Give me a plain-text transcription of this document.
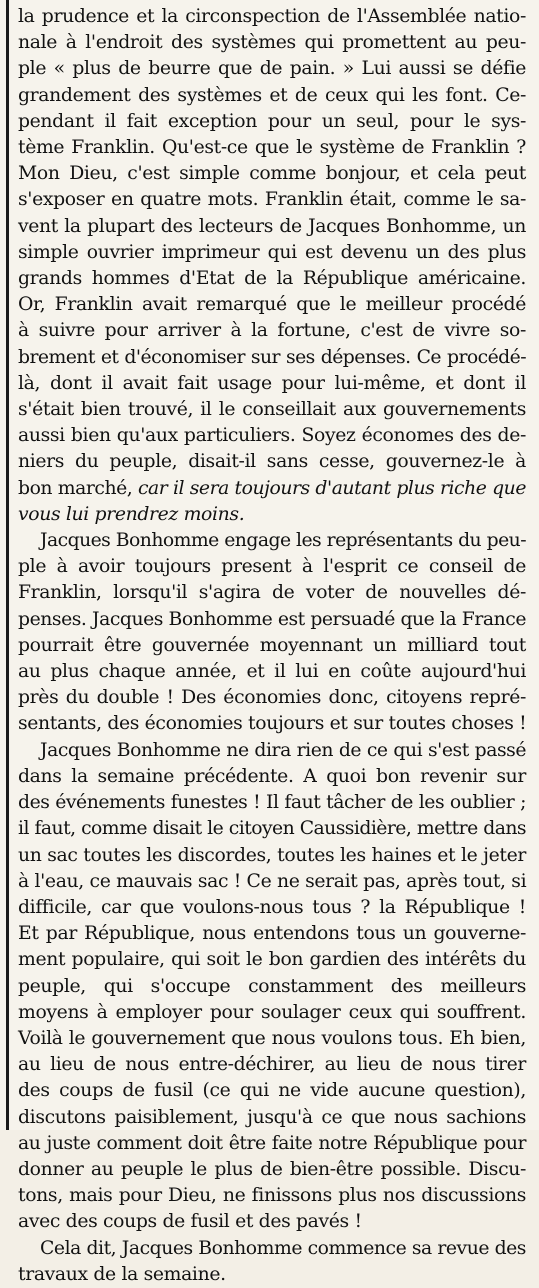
la prudence et la circonspection de l'Assemblée natio-
nale à l'endroit des systèmes qui promettent au peu-
ple « plus de beurre que de pain. » Lui aussi se défie
grandement des systèmes et de ceux qui les font. Ce-
pendant il fait exception pour un seul, pour le sys-
tème Franklin. Qu'est-ce que le système de Franklin ?
Mon Dieu, c'est simple comme bonjour, et cela peut
s'exposer en quatre mots. Franklin était, comme le sa-
vent la plupart des lecteurs de Jacques Bonhomme, un
simple ouvrier imprimeur qui est devenu un des plus
grands hommes d'Etat de la République américaine.
Or, Franklin avait remarqué que le meilleur procédé
à suivre pour arriver à la fortune, c'est de vivre so-
brement et d'économiser sur ses dépenses. Ce procédé-
là, dont il avait fait usage pour lui-même, et dont il
s'était bien trouvé, il le conseillait aux gouvernements
aussi bien qu'aux particuliers. Soyez économes des de-
niers du peuple, disait-il sans cesse, gouvernez-le à
bon marché, car il sera toujours d'autant plus riche que
vous lui prendrez moins.

Jacques Bonhomme engage les représentants du peu-
ple à avoir toujours present à l'esprit ce conseil de
Franklin, lorsqu'il s'agira de voter de nouvelles dé-
penses. Jacques Bonhomme est persuadé que la France
pourrait être gouvernée moyennant un milliard tout
au plus chaque année, et il lui en coûte aujourd'hui
près du double ! Des économies donc, citoyens repré-
sentants, des économies toujours et sur toutes choses !

Jacques Bonhomme ne dira rien de ce qui s'est passé
dans la semaine précédente. A quoi bon revenir sur
des événements funestes ! Il faut tâcher de les oublier ;
il faut, comme disait le citoyen Caussidière, mettre dans
un sac toutes les discordes, toutes les haines et le jeter
à l'eau, ce mauvais sac ! Ce ne serait pas, après tout, si
difficile, car que voulons-nous tous ? la République !
Et par République, nous entendons tous un gouverne-
ment populaire, qui soit le bon gardien des intérêts du
peuple, qui s'occupe constamment des meilleurs
moyens à employer pour soulager ceux qui souffrent.
Voilà le gouvernement que nous voulons tous. Eh bien,
au lieu de nous entre-déchirer, au lieu de nous tirer
des coups de fusil (ce qui ne vide aucune question),
discutons paisiblement, jusqu'à ce que nous sachions
au juste comment doit être faite notre République pour
donner au peuple le plus de bien-être possible. Discu-
tons, mais pour Dieu, ne finissons plus nos discussions
avec des coups de fusil et des pavés !

Cela dit, Jacques Bonhomme commence sa revue des
travaux de la semaine.
